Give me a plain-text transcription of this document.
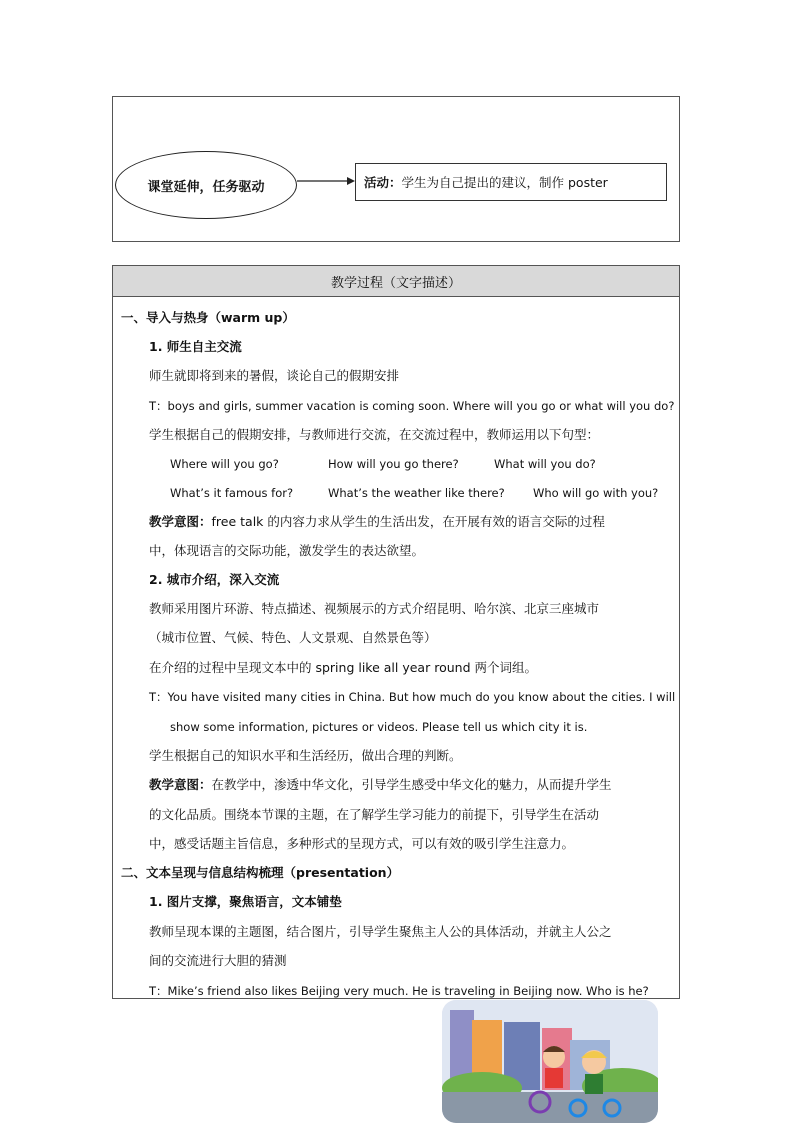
课堂延伸，任务驱动	活动： 学生为自己提出的建议，制作 poster
教学过程（文字描述）
一、导入与热身（warm up）
1. 师生自主交流
师生就即将到来的暑假，谈论自己的假期安排
T：boys and girls, summer vacation is coming soon. Where will you go or what will you do?
学生根据自己的假期安排，与教师进行交流，在交流过程中，教师运用以下句型：
Where will you go?	How will you go there?	What will you do?
What’s it famous for?	What’s the weather like there? Who will go with you?
教学意图：free talk 的内容力求从学生的生活出发，在开展有效的语言交际的过程
中，体现语言的交际功能，激发学生的表达欲望。
2. 城市介绍，深入交流
教师采用图片环游、特点描述、视频展示的方式介绍昆明、哈尔滨、北京三座城市
（城市位置、气候、特色、人文景观、自然景色等）
在介绍的过程中呈现文本中的 spring like all year round 两个词组。
T：You have visited many cities in China. But how much do you know about the cities. I will
show some information, pictures or videos. Please tell us which city it is.
学生根据自己的知识水平和生活经历，做出合理的判断。
教学意图：在教学中，渗透中华文化，引导学生感受中华文化的魅力，从而提升学生
的文化品质。围绕本节课的主题，在了解学生学习能力的前提下，引导学生在活动
中，感受话题主旨信息，多种形式的呈现方式，可以有效的吸引学生注意力。
二、文本呈现与信息结构梳理（presentation）
1. 图片支撑，聚焦语言，文本铺垫
教师呈现本课的主题图，结合图片，引导学生聚焦主人公的具体活动，并就主人公之
间的交流进行大胆的猜测
T：Mike’s friend also likes Beijing very much. He is traveling in Beijing now. Who is he?
